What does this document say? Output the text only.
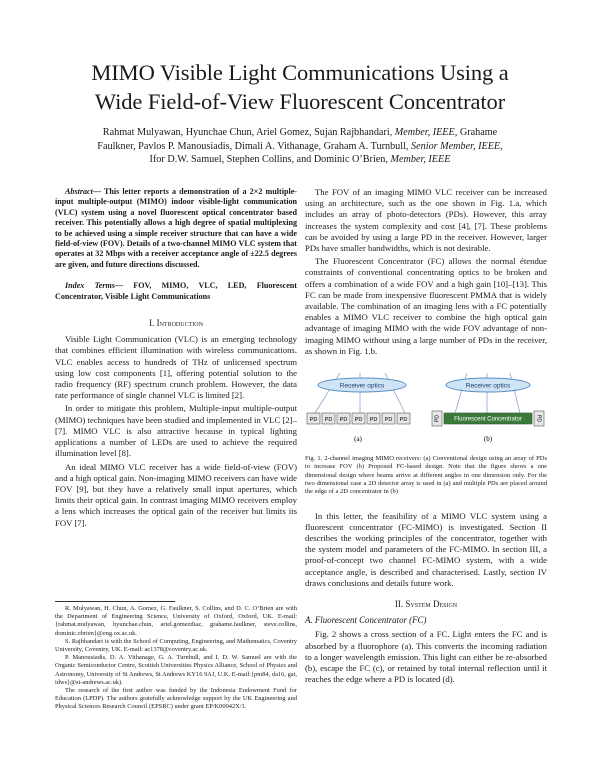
MIMO Visible Light Communications Using a
Wide Field-of-View Fluorescent Concentrator
Rahmat Mulyawan, Hyunchae Chun, Ariel Gomez, Sujan Rajbhandari, Member, IEEE, Grahame
Faulkner, Pavlos P. Manousiadis, Dimali A. Vithanage, Graham A. Turnbull, Senior Member, IEEE,
Ifor D.W. Samuel, Stephen Collins, and Dominic O’Brien, Member, IEEE

Abstract— This letter reports a demonstration of a 2×2 multiple-input multiple-output (MIMO) indoor visible-light communication (VLC) system using a novel fluorescent optical concentrator based receiver. This potentially allows a high degree of spatial multiplexing to be achieved using a simple receiver structure that can have a wide field-of-view (FOV). Details of a two-channel MIMO VLC system that operates at 32 Mbps with a receiver acceptance angle of ±22.5 degrees are given, and future directions discussed.

Index Terms— FOV, MIMO, VLC, LED, Fluorescent Concentrator, Visible Light Communications

I. Introduction

Visible Light Communication (VLC) is an emerging technology that combines efficient illumination with wireless communications. VLC enables access to hundreds of THz of unlicensed spectrum using low cost components [1], offering potential solution to the radio frequency (RF) spectrum crunch problem. However, the data rate performance of single channel VLC is limited [2].

In order to mitigate this problem, Multiple-input multiple-output (MIMO) techniques have been studied and implemented in VLC [2]–[7]. MIMO VLC is also attractive because in typical lighting applications a number of LEDs are used to achieve the required illumination level [8].

An ideal MIMO VLC receiver has a wide field-of-view (FOV) and a high optical gain. Non-imaging MIMO receivers can have wide FOV [9], but they have a relatively small input apertures, which limits their optical gain. In contrast imaging MIMO receivers employ a lens which increases the optical gain of the receiver but limits its FOV [7].

R. Mulyawan, H. Chun, A. Gomez, G. Faulkner, S. Collins, and D. C. O’Brien are with the Department of Engineering Science, University of Oxford, Oxford, UK. E-mail: {rahmat.mulyawan, hyunchae.chun, ariel.gomezdiaz, grahame.faulkner, steve.collins, dominic.obrien}@eng.ox.ac.uk.

S. Rajbhandari is with the School of Computing, Engineering, and Mathematics, Coventry University, Coventry, UK. E-mail: ac1378@coventry.ac.uk.

P. Manousiadis, D. A. Vithanage, G. A. Turnbull, and I. D. W. Samuel are with the Organic Semiconductor Centre, Scottish Universities Physics Alliance, School of Physics and Astronomy, University of St Andrews, St Andrews KY16 9AJ, U.K. E-mail:{pm84, da16, gat, idws}@st-andrews.ac.uk).

The research of the first author was funded by the Indonesia Endowment Fund for Education (LPDP). The authors gratefully acknowledge support by the UK Engineering and Physical Sciences Research Council (EPSRC) under grant EP/K00042X/1.

The FOV of an imaging MIMO VLC receiver can be increased using an architecture, such as the one shown in Fig. 1.a, which includes an array of photo-detectors (PDs). However, this array increases the system complexity and cost [4], [7]. These problems can be avoided by using a large PD in the receiver. However, larger PDs have smaller bandwidths, which is not desirable.

The Fluorescent Concentrator (FC) allows the normal étendue constraints of conventional concentrating optics to be broken and offers a combination of a wide FOV and a high gain [10]–[13]. This FC can be made from inexpensive fluorescent PMMA that is widely available. The combination of an imaging lens with a FC potentially enables a MIMO VLC receiver to combine the high optical gain advantage of imaging MIMO with the wide FOV advantage of non-imaging MIMO without using a large number of PDs in the receiver, as shown in Fig. 1.b.

Receiver optics
PD PD PD PD PD PD PD
(a)
Receiver optics
PD Fluorescent Concentrator	PD
(b)

Fig. 1. 2-channel imaging MIMO receivers: (a) Conventional design using an array of PDs to increase FOV (b) Proposed FC-based design. Note that the figure shows a one dimensional design where beams arrive at different angles in one dimension only. For the two dimensional case a 2D detector array is used in (a) and multiple PDs are placed around the edge of a 2D concentrator in (b)

In this letter, the feasibility of a MIMO VLC system using a fluorescent concentrator (FC-MIMO) is investigated. Section II describes the working principles of the concentrator, together with the system model and parameters of the FC-MIMO. In section III, a proof-of-concept two channel FC-MIMO system, with a wide acceptance angle, is described and characterised. Lastly, section IV draws conclusions and details future work.

II. System Design
A. Fluorescent Concentrator (FC)

Fig. 2 shows a cross section of a FC. Light enters the FC and is absorbed by a fluorophore (a). This converts the incoming radiation to a longer wavelength emission. This light can either be re-absorbed (b), escape the FC (c), or retained by total internal reflection until it reaches the edge where a PD is located (d).
